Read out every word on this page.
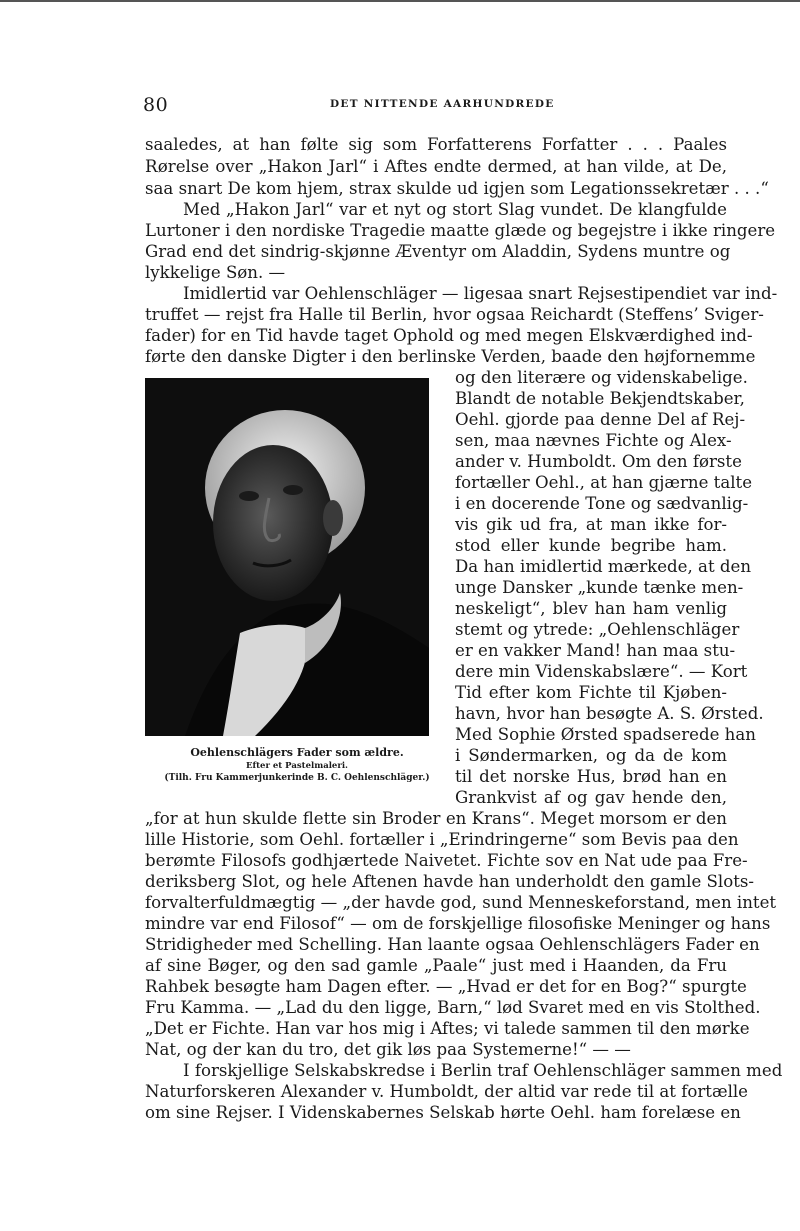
80	DET NITTENDE AARHUNDREDE
saaledes, at han følte sig som Forfatterens Forfatter . . . Paales
Rørelse over „Hakon Jarl“ i Aftes endte dermed, at han vilde, at De,
saa snart De kom hjem, strax skulde ud igjen som Legationssekretær . . .“
Med „Hakon Jarl“ var et nyt og stort Slag vundet. De klangfulde
Lurtoner i den nordiske Tragedie maatte glæde og begejstre i ikke ringere
Grad end det sindrig-skjønne Æventyr om Aladdin, Sydens muntre og
lykkelige Søn. —
Imidlertid var Oehlenschläger — ligesaa snart Rejsestipendiet var ind-
truffet — rejst fra Halle til Berlin, hvor ogsaa Reichardt (Steffens’ Sviger-
fader) for en Tid havde taget Ophold og med megen Elskværdighed ind-
førte den danske Digter i den berlinske Verden, baade den højfornemme
Oehlenschlägers Fader som ældre.
Efter et Pastelmaleri.
(Tilh. Fru Kammerjunkerinde B. C. Oehlenschläger.)
og den literære og videnskabelige.
Blandt de notable Bekjendtskaber,
Oehl. gjorde paa denne Del af Rej-
sen, maa nævnes Fichte og Alex-
ander v. Humboldt. Om den første
fortæller Oehl., at han gjærne talte
i en docerende Tone og sædvanlig-
vis gik ud fra, at man ikke for-
stod eller kunde begribe ham.
Da han imidlertid mærkede, at den
unge Dansker „kunde tænke men-
neskeligt“, blev han ham venlig
stemt og ytrede: „Oehlenschläger
er en vakker Mand! han maa stu-
dere min Videnskabslære“. — Kort
Tid efter kom Fichte til Kjøben-
havn, hvor han besøgte A. S. Ørsted.
Med Sophie Ørsted spadserede han
i Søndermarken, og da de kom
til det norske Hus, brød han en
Grankvist af og gav hende den,
„for at hun skulde flette sin Broder en Krans“. Meget morsom er den
lille Historie, som Oehl. fortæller i „Erindringerne“ som Bevis paa den
berømte Filosofs godhjærtede Naivetet. Fichte sov en Nat ude paa Fre-
deriksberg Slot, og hele Aftenen havde han underholdt den gamle Slots-
forvalterfuldmægtig — „der havde god, sund Menneskeforstand, men intet
mindre var end Filosof“ — om de forskjellige filosofiske Meninger og hans
Stridigheder med Schelling. Han laante ogsaa Oehlenschlägers Fader en
af sine Bøger, og den sad gamle „Paale“ just med i Haanden, da Fru
Rahbek besøgte ham Dagen efter. — „Hvad er det for en Bog?“ spurgte
Fru Kamma. — „Lad du den ligge, Barn,“ lød Svaret med en vis Stolthed.
„Det er Fichte. Han var hos mig i Aftes; vi talede sammen til den mørke
Nat, og der kan du tro, det gik løs paa Systemerne!“ — —
I forskjellige Selskabskredse i Berlin traf Oehlenschläger sammen med
Naturforskeren Alexander v. Humboldt, der altid var rede til at fortælle
om sine Rejser. I Videnskabernes Selskab hørte Oehl. ham forelæse en
